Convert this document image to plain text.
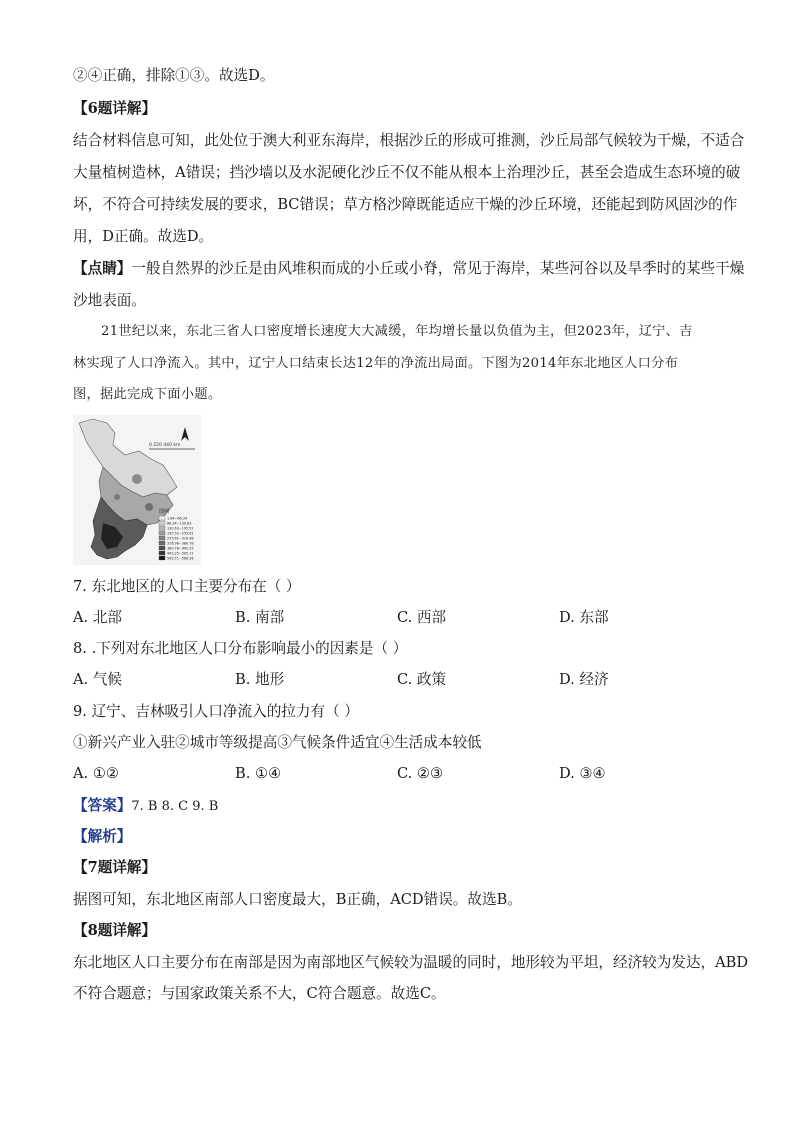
②④正确，排除①③。故选D。
【6题详解】
结合材料信息可知，此处位于澳大利亚东海岸，根据沙丘的形成可推测，沙丘局部气候较为干燥，不适合
大量植树造林，A错误；挡沙墙以及水泥硬化沙丘不仅不能从根本上治理沙丘，甚至会造成生态环境的破
坏，不符合可持续发展的要求，BC错误；草方格沙障既能适应干燥的沙丘环境，还能起到防风固沙的作
用，D正确。故选D。
【点睛】一般自然界的沙丘是由风堆积而成的小丘或小脊，常见于海岸，某些河谷以及旱季时的某些干燥
沙地表面。
21世纪以来，东北三省人口密度增长速度大大减缓，年均增长量以负值为主，但2023年，辽宁、吉
林实现了人口净流入。其中，辽宁人口结束长达12年的净流出局面。下图为2014年东北地区人口分布
图，据此完成下面小题。
0 220 440 km
图例
1.64~66.34
66.34~130.63
130.63~195.52
195.52~255.61
255.61~316.98
316.98~380.78
380.78~442.25
442.25~505.71
505.71~566.26
7. 东北地区的人口主要分布在（ ）
A. 北部	B. 南部	C. 西部	D. 东部
8. .下列对东北地区人口分布影响最小的因素是（ ）
A. 气候	B. 地形	C. 政策	D. 经济
9. 辽宁、吉林吸引人口净流入的拉力有（ ）
①新兴产业入驻②城市等级提高③气候条件适宜④生活成本较低
A. ①②	B. ①④	C. ②③	D. ③④
【答案】7. B 8. C 9. B
【解析】
【7题详解】
据图可知，东北地区南部人口密度最大，B正确，ACD错误。故选B。
【8题详解】
东北地区人口主要分布在南部是因为南部地区气候较为温暖的同时，地形较为平坦，经济较为发达，ABD
不符合题意；与国家政策关系不大，C符合题意。故选C。
